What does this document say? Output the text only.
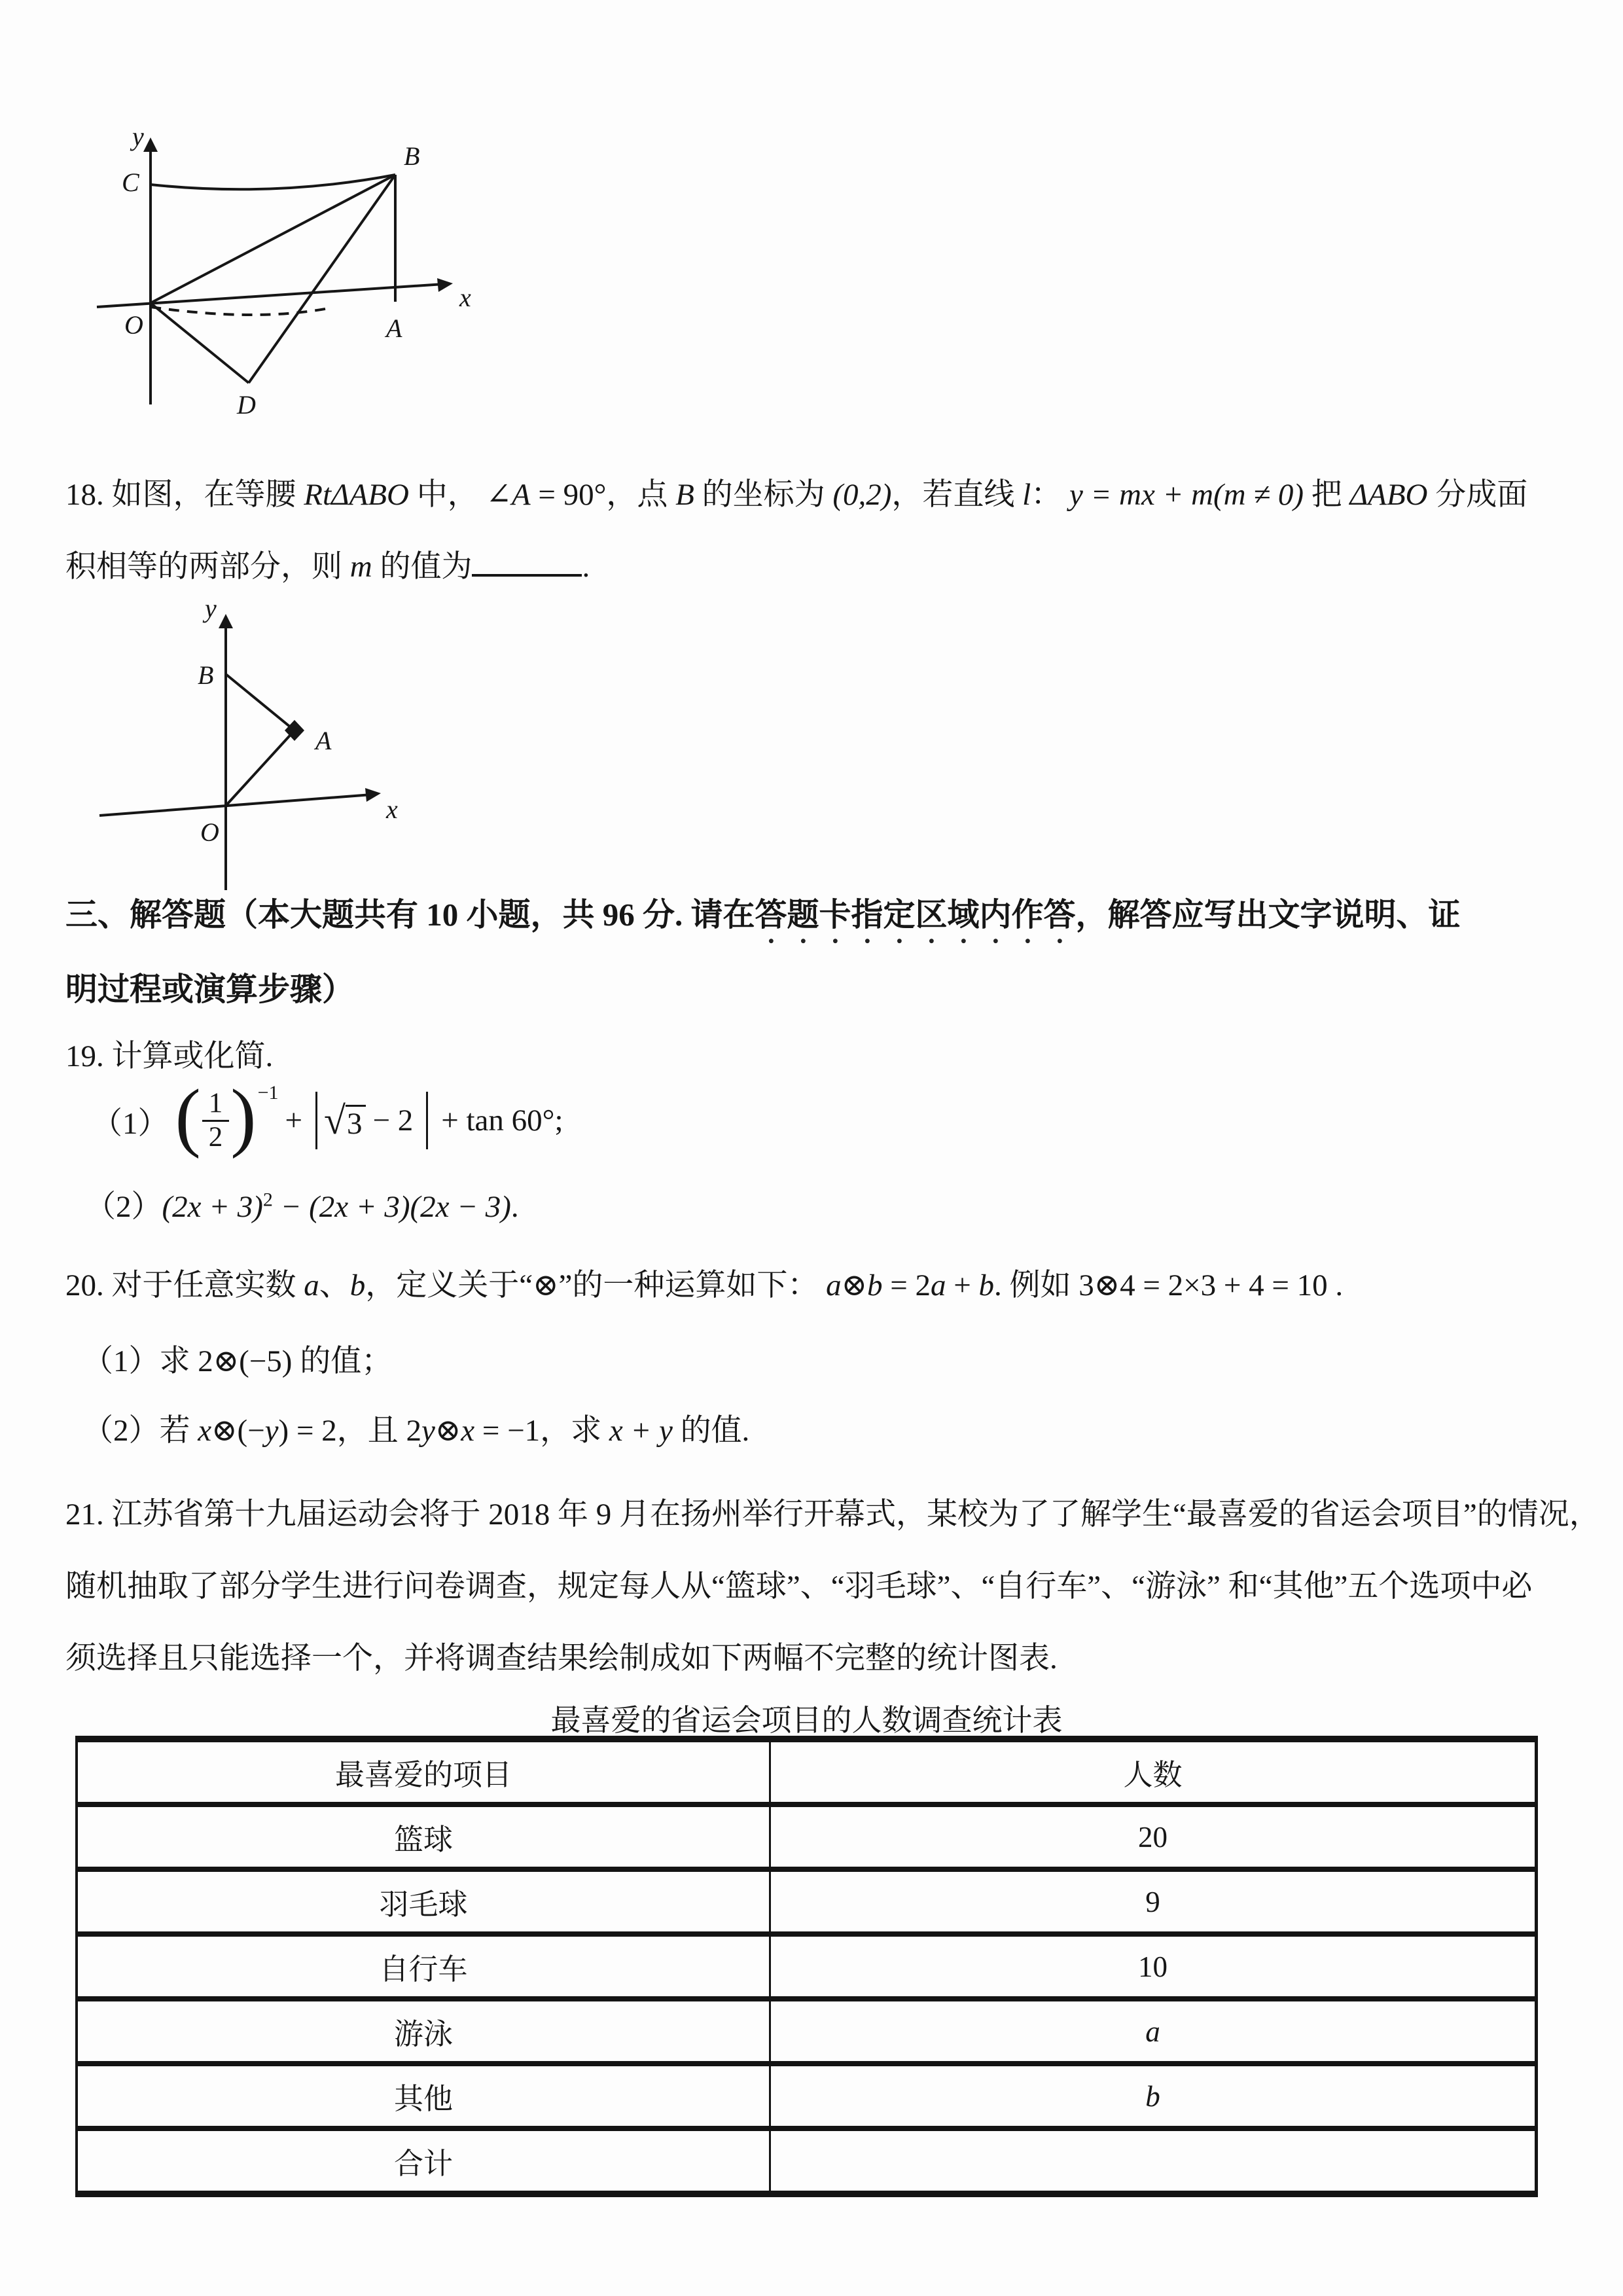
y
x
O
C
B
A
D
18. 如图，在等腰 RtΔABO 中， ∠A = 90°，点 B 的坐标为 (0,2)，若直线 l： y = mx + m(m ≠ 0) 把 ΔABO 分成面
积相等的两部分，则 m 的值为	.
y
x
O
B
A
三、解答题（本大题共有 10 小题，共 96 分. 请在答题卡指定区域内作答，解答应写出文字说明、证
明过程或演算步骤）
19. 计算或化简.
（1） ( $\frac{1}{2}$ ) −1
+ √3 − 2 + tan 60°;
$(2)(2x + 3)^2 - (2x + 3)(2x - 3)$.
20. 对于任意实数 a、b，定义关于“⊗”的一种运算如下： a⊗b = 2a + b. 例如 3⊗4 = 2×3 + 4 = 10 .
（1）求 2⊗(−5) 的值；
（2）若 x⊗(−y) = 2，且 2y⊗x = −1，求 x + y 的值.
21. 江苏省第十九届运动会将于 2018 年 9 月在扬州举行开幕式，某校为了了解学生“最喜爱的省运会项目”的情况，
随机抽取了部分学生进行问卷调查，规定每人从“篮球”、“羽毛球”、“自行车”、“游泳” 和“其他”五个选项中必
须选择且只能选择一个，并将调查结果绘制成如下两幅不完整的统计图表.
最喜爱的省运会项目的人数调查统计表
最喜爱的项目	人数
篮球	20
羽毛球	9
自行车	10
游泳	a
其他	b
合计	
